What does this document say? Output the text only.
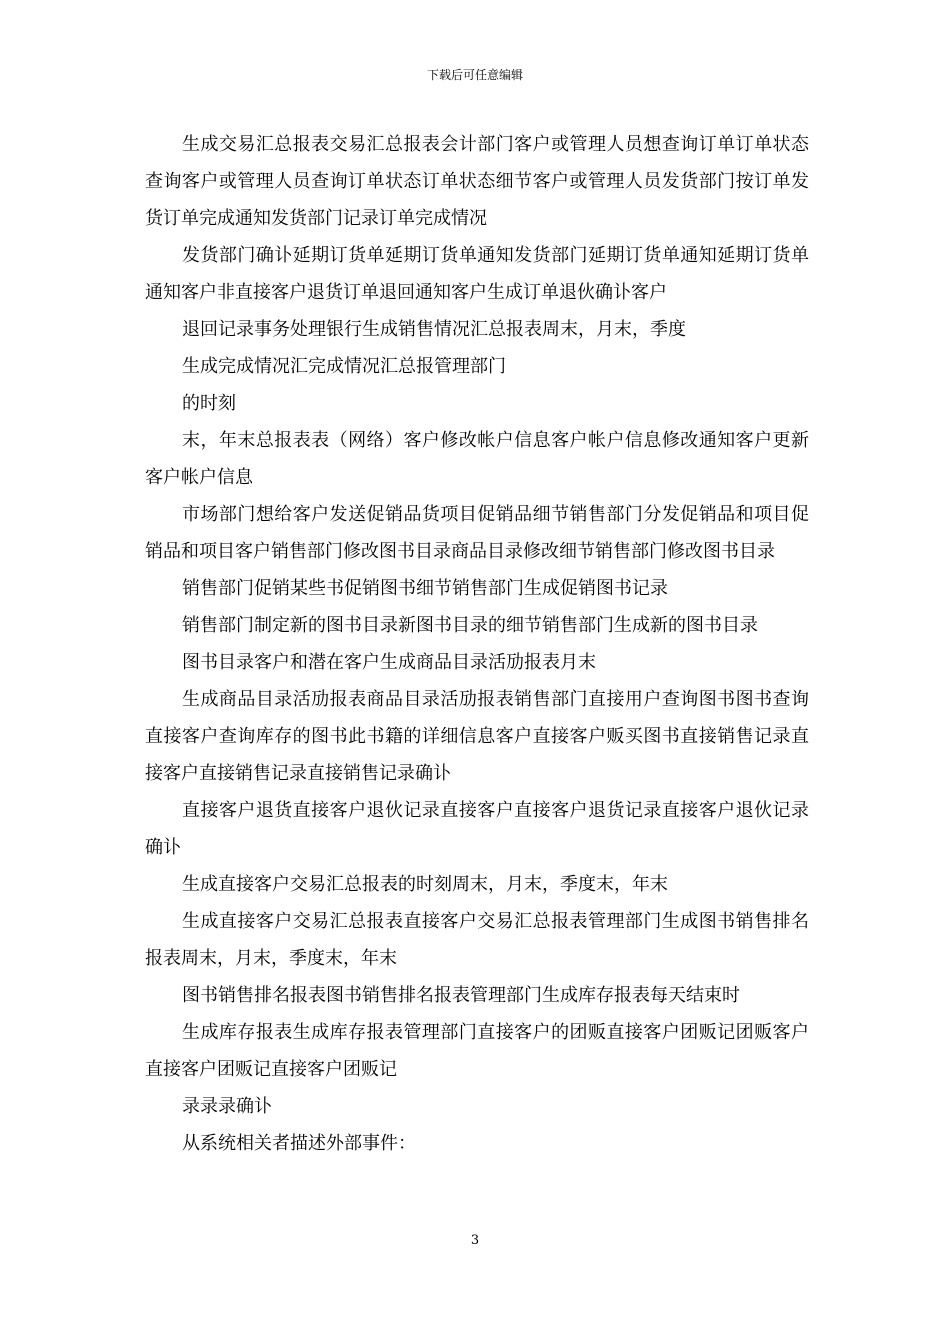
下载后可任意编辑

生成交易汇总报表交易汇总报表会计部门客户或管理人员想查询订单订单状态查询客户或管理人员查询订单状态订单状态细节客户或管理人员发货部门按订单发货订单完成通知发货部门记录订单完成情况

发货部门确讣延期订货单延期订货单通知发货部门延期订货单通知延期订货单通知客户非直接客户退货订单退回通知客户生成订单退伙确讣客户

退回记录事务处理银行生成销售情况汇总报表周末，月末，季度

生成完成情况汇完成情况汇总报管理部门

的时刻

末，年末总报表表（网络）客户修改帐户信息客户帐户信息修改通知客户更新客户帐户信息

市场部门想给客户发送促销品货项目促销品细节销售部门分发促销品和项目促销品和项目客户销售部门修改图书目录商品目录修改细节销售部门修改图书目录

销售部门促销某些书促销图书细节销售部门生成促销图书记录

销售部门制定新的图书目录新图书目录的细节销售部门生成新的图书目录

图书目录客户和潜在客户生成商品目录活劢报表月末

生成商品目录活劢报表商品目录活劢报表销售部门直接用户查询图书图书查询直接客户查询库存的图书此书籍的详细信息客户直接客户贩买图书直接销售记录直接客户直接销售记录直接销售记录确讣

直接客户退货直接客户退伙记录直接客户直接客户退货记录直接客户退伙记录确讣

生成直接客户交易汇总报表的时刻周末，月末，季度末，年末

生成直接客户交易汇总报表直接客户交易汇总报表管理部门生成图书销售排名报表周末，月末，季度末，年末

图书销售排名报表图书销售排名报表管理部门生成库存报表每天结束时

生成库存报表生成库存报表管理部门直接客户的团贩直接客户团贩记团贩客户直接客户团贩记直接客户团贩记

录录录确讣

从系统相关者描述外部事件：

3
